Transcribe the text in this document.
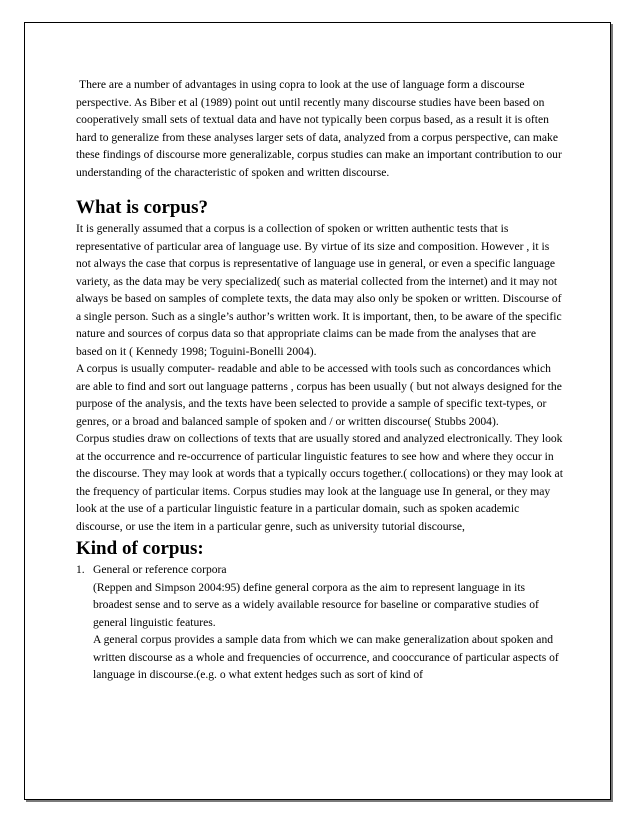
There are a number of advantages in using copra to look at the use of language form a discourse perspective. As Biber et al (1989) point out until recently many discourse studies have been based on cooperatively small sets of textual data and have not typically been corpus based, as a result it is often hard to generalize from these analyses larger sets of data, analyzed from a corpus perspective, can make these findings of discourse more generalizable, corpus studies can make an important contribution to our understanding of the characteristic of spoken and written discourse.

What is corpus?

It is generally assumed that a corpus is a collection of spoken or written authentic tests that is representative of particular area of language use. By virtue of its size and composition. However , it is not always the case that corpus is representative of language use in general, or even a specific language variety, as the data may be very specialized( such as material collected from the internet) and it may not always be based on samples of complete texts, the data may also only be spoken or written. Discourse of a single person. Such as a single’s author’s written work. It is important, then, to be aware of the specific nature and sources of corpus data so that appropriate claims can be made from the analyses that are based on it ( Kennedy 1998; Toguini-Bonelli 2004).

A corpus is usually computer- readable and able to be accessed with tools such as concordances which are able to find and sort out language patterns , corpus has been usually ( but not always designed for the purpose of the analysis, and the texts have been selected to provide a sample of specific text-types, or genres, or a broad and balanced sample of spoken and / or written discourse( Stubbs 2004).

Corpus studies draw on collections of texts that are usually stored and analyzed electronically. They look at the occurrence and re-occurrence of particular linguistic features to see how and where they occur in the discourse. They may look at words that a typically occurs together.( collocations) or they may look at the frequency of particular items. Corpus studies may look at the language use In general, or they may look at the use of a particular linguistic feature in a particular domain, such as spoken academic discourse, or use the item in a particular genre, such as university tutorial discourse,

Kind of corpus:
1. General or reference corpora

(Reppen and Simpson 2004:95) define general corpora as the aim to represent language in its broadest sense and to serve as a widely available resource for baseline or comparative studies of general linguistic features.

A general corpus provides a sample data from which we can make generalization about spoken and written discourse as a whole and frequencies of occurrence, and cooccurance of particular aspects of language in discourse.(e.g. o what extent hedges such as sort of kind of
